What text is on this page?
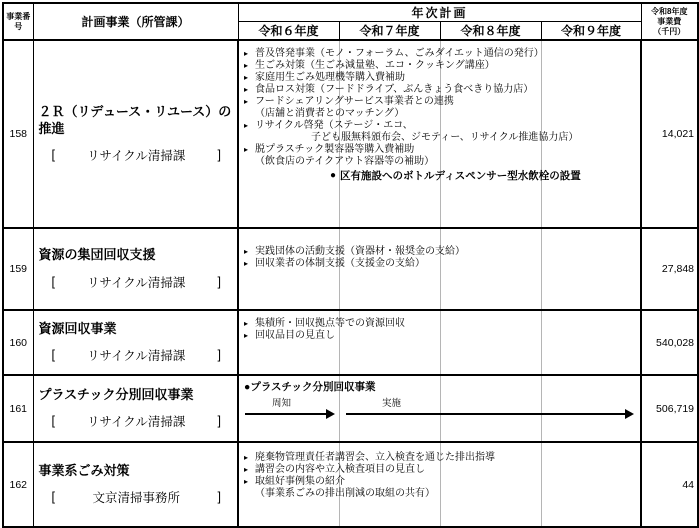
事業番号	計画事業（所管課）	年次計画				令和8年度
事業費
（千円）

		令和６年度	令和７年度	令和８年度	令和９年度	
158	
２Ｒ（リデュース・リユース）の推進
[	リサイクル清掃課	]

▸ 普及啓発事業（モノ・フォーラム、ごみダイエット通信の発行）
▸ 生ごみ対策（生ごみ減量塾、エコ・クッキング講座）
▸ 家庭用生ごみ処理機等購入費補助
▸ 食品ロス対策（フードドライブ、ぶんきょう食べきり協力店）
▸ フードシェアリングサービス事業者との連携
（店舗と消費者とのマッチング）
▸ リサイクル啓発（ステージ・エコ、
子ども服無料頒布会、ジモティー、リサイクル推進協力店）
▸ 脱プラスチック製容器等購入費補助
（飲食店のテイクアウト容器等の補助）
● 区有施設へのボトルディスペンサー型水飲栓の設置
	14,021
159	
資源の集団回収支援
[	リサイクル清掃課	]

▸ 実践団体の活動支援（資器材・報奨金の支給）
▸ 回収業者の体制支援（支援金の支給）	27,848
160	
資源回収事業
[	リサイクル清掃課	]

▸ 集積所・回収拠点等での資源回収
▸ 回収品目の見直し
	540,028
161	
プラスチック分別回収事業
[	リサイクル清掃課	]

●プラスチック分別回収事業
周知	実施	506,719
162	
事業系ごみ対策
[	文京清掃事務所	]

▸ 廃棄物管理責任者講習会、立入検査を通じた排出指導
▸ 講習会の内容や立入検査項目の見直し
▸ 取組好事例集の紹介
（事業系ごみの排出削減の取組の共有）
	44
